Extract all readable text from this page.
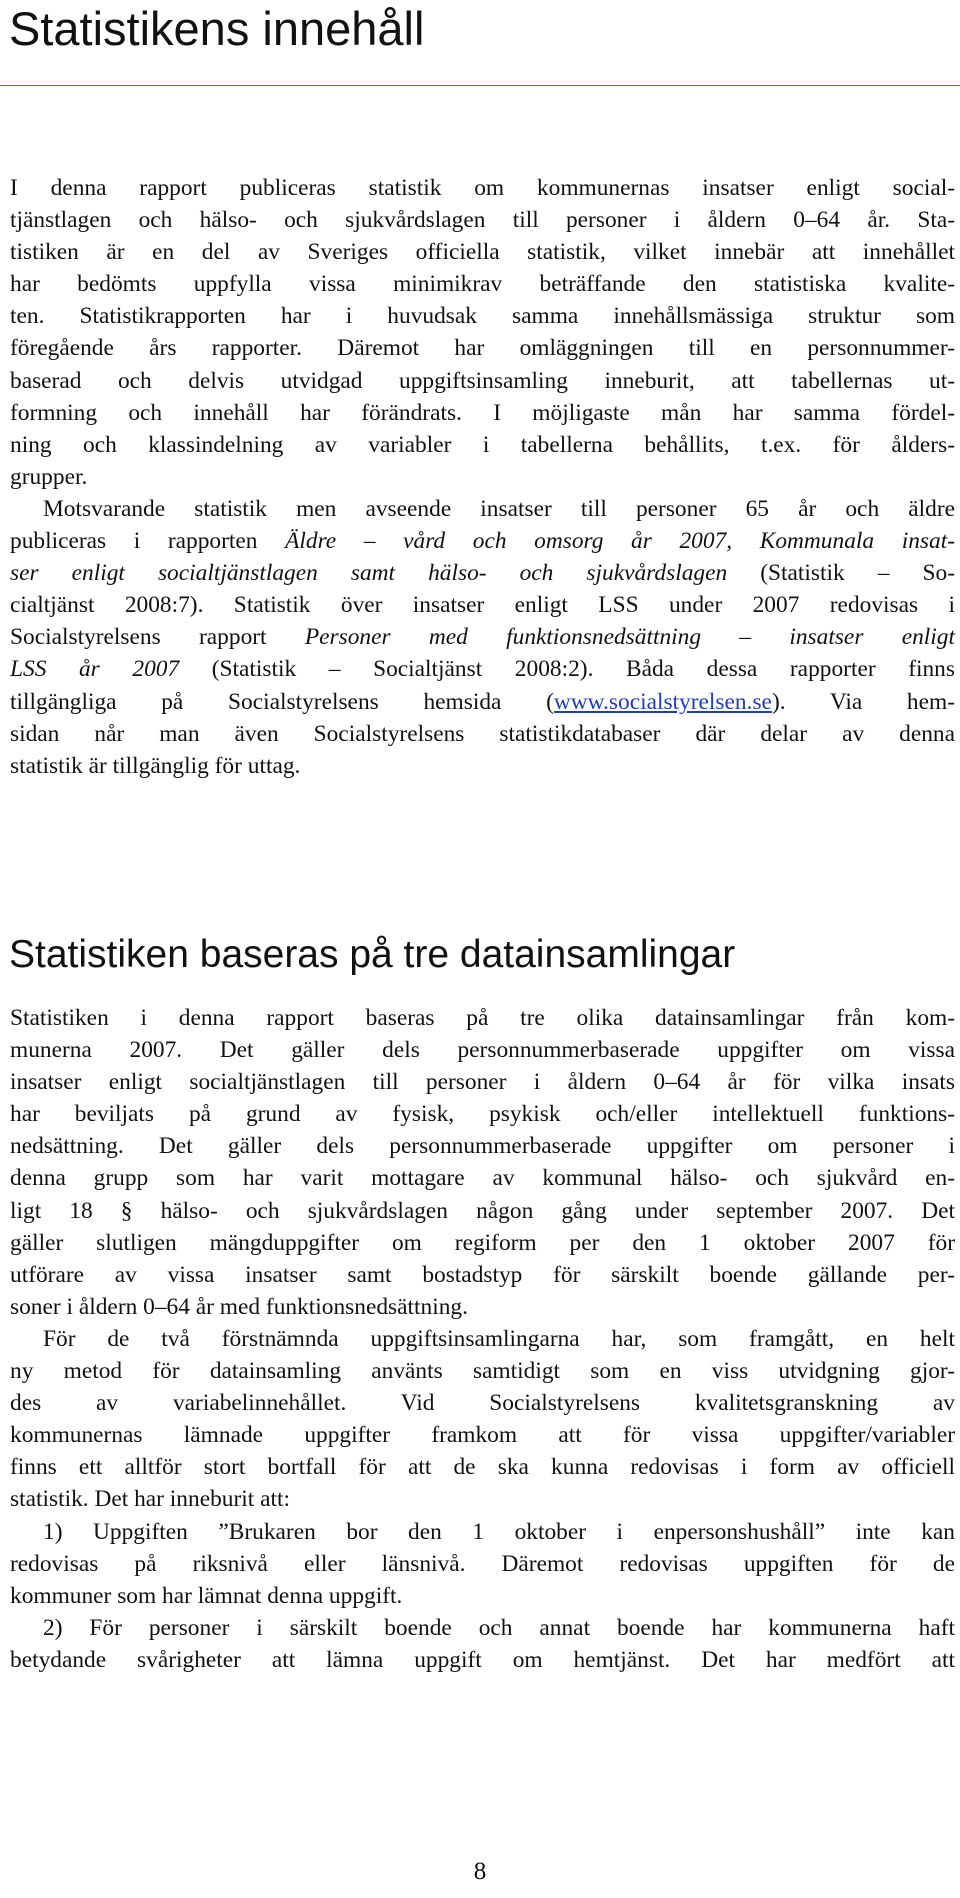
Statistikens innehåll
I denna rapport publiceras statistik om kommunernas insatser enligt social-
tjänstlagen och hälso- och sjukvårdslagen till personer i åldern 0–64 år. Sta-
tistiken är en del av Sveriges officiella statistik, vilket innebär att innehållet
har bedömts uppfylla vissa minimikrav beträffande den statistiska kvalite-
ten. Statistikrapporten har i huvudsak samma innehållsmässiga struktur som
föregående års rapporter. Däremot har omläggningen till en personnummer-
baserad och delvis utvidgad uppgiftsinsamling inneburit, att tabellernas ut-
formning och innehåll har förändrats. I möjligaste mån har samma fördel-
ning och klassindelning av variabler i tabellerna behållits, t.ex. för ålders-
grupper.
Motsvarande statistik men avseende insatser till personer 65 år och äldre
publiceras i rapporten Äldre – vård och omsorg år 2007, Kommunala insat-
ser enligt socialtjänstlagen samt hälso- och sjukvårdslagen (Statistik – So-
cialtjänst 2008:7). Statistik över insatser enligt LSS under 2007 redovisas i
Socialstyrelsens rapport Personer med funktionsnedsättning – insatser enligt
LSS år 2007 (Statistik – Socialtjänst 2008:2). Båda dessa rapporter finns
tillgängliga på Socialstyrelsens hemsida (www.socialstyrelsen.se). Via hem-
sidan når man även Socialstyrelsens statistikdatabaser där delar av denna
statistik är tillgänglig för uttag.
Statistiken baseras på tre datainsamlingar
Statistiken i denna rapport baseras på tre olika datainsamlingar från kom-
munerna 2007. Det gäller dels personnummerbaserade uppgifter om vissa
insatser enligt socialtjänstlagen till personer i åldern 0–64 år för vilka insats
har beviljats på grund av fysisk, psykisk och/eller intellektuell funktions-
nedsättning. Det gäller dels personnummerbaserade uppgifter om personer i
denna grupp som har varit mottagare av kommunal hälso- och sjukvård en-
ligt 18 § hälso- och sjukvårdslagen någon gång under september 2007. Det
gäller slutligen mängduppgifter om regiform per den 1 oktober 2007 för
utförare av vissa insatser samt bostadstyp för särskilt boende gällande per-
soner i åldern 0–64 år med funktionsnedsättning.
För de två förstnämnda uppgiftsinsamlingarna har, som framgått, en helt
ny metod för datainsamling använts samtidigt som en viss utvidgning gjor-
des av variabelinnehållet. Vid Socialstyrelsens kvalitetsgranskning av
kommunernas lämnade uppgifter framkom att för vissa uppgifter/variabler
finns ett alltför stort bortfall för att de ska kunna redovisas i form av officiell
statistik. Det har inneburit att:
1) Uppgiften ”Brukaren bor den 1 oktober i enpersonshushåll” inte kan
redovisas på riksnivå eller länsnivå. Däremot redovisas uppgiften för de
kommuner som har lämnat denna uppgift.
2) För personer i särskilt boende och annat boende har kommunerna haft
betydande svårigheter att lämna uppgift om hemtjänst. Det har medfört att
8
